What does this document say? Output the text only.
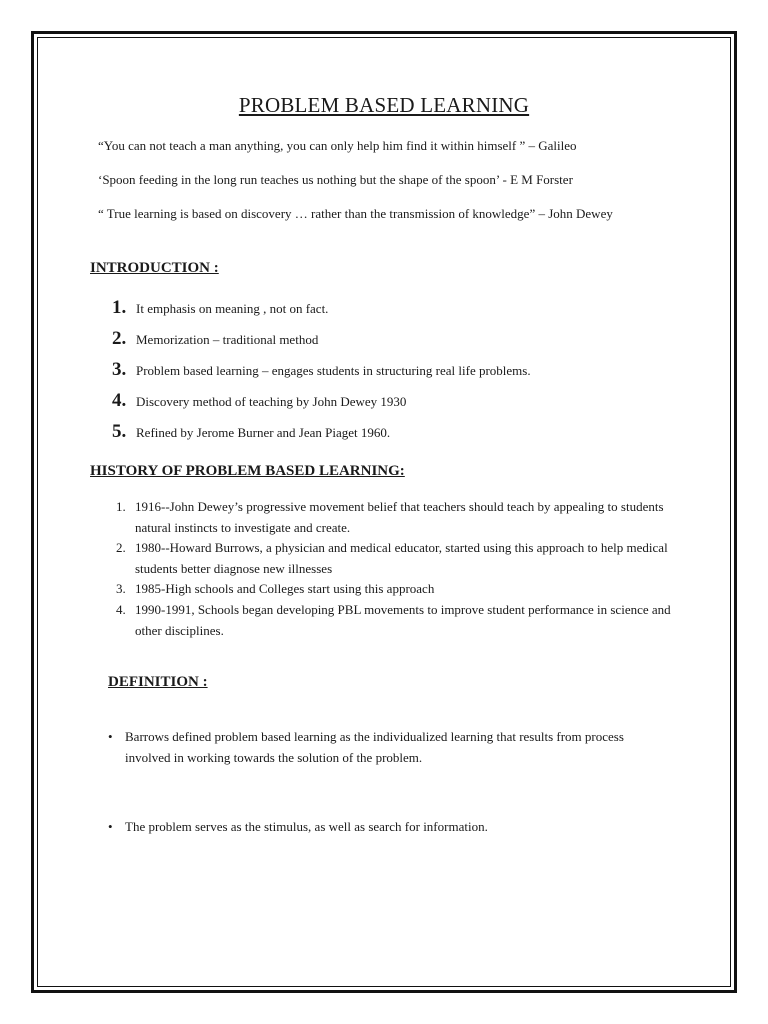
PROBLEM BASED LEARNING
“You can not teach a man anything, you can only help him find it within himself ” – Galileo
‘Spoon feeding in the long run teaches us nothing but the shape of the spoon’ - E M Forster
“ True learning is based on discovery … rather than the transmission of knowledge” – John Dewey
INTRODUCTION :
1. It emphasis on meaning , not on fact.
2. Memorization – traditional method
3. Problem based learning – engages students in structuring real life problems.
4. Discovery method of teaching by John Dewey 1930
5. Refined by Jerome Burner and Jean Piaget 1960.
HISTORY OF PROBLEM BASED LEARNING:
1. 1916--John Dewey’s progressive movement belief that teachers should teach by appealing to students natural instincts to investigate and create.
2. 1980--Howard Burrows, a physician and medical educator, started using this approach to help medical students better diagnose new illnesses
3. 1985-High schools and Colleges start using this approach
4. 1990-1991, Schools began developing PBL movements to improve student performance in science and other disciplines.
DEFINITION :
• Barrows defined problem based learning as the individualized learning that results from process involved in working towards the solution of the problem.
• The problem serves as the stimulus, as well as search for information.
